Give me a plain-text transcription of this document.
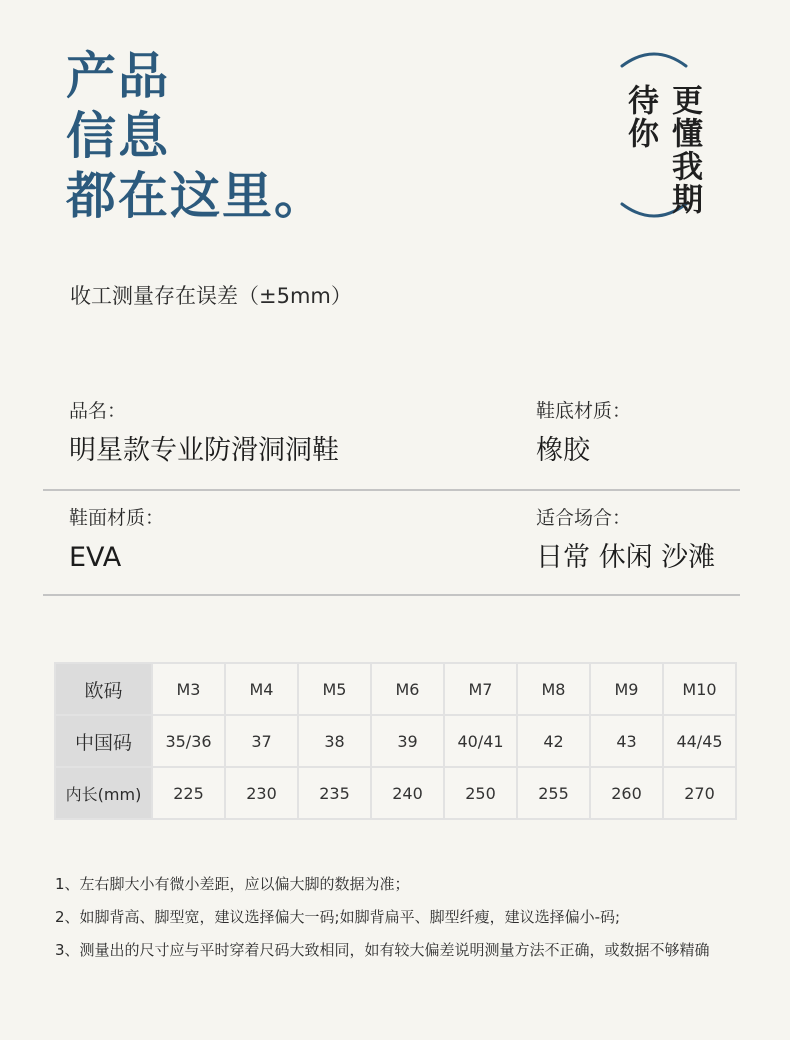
产品
信息
都在这里。	更懂我期待你
收工测量存在误差（±5mm）
品名：
明星款专业防滑洞洞鞋
鞋底材质：
橡胶
鞋面材质：
EVA
适合场合：
日常 休闲 沙滩
欧码	M3	M4	M5	M6	M7	M8	M9	M10
中国码	35/36	37	38	39	40/41	42	43	44/45
内长(mm)	225	230	235	240	250	255	260	270
1、左右脚大小有微小差距，应以偏大脚的数据为准；
2、如脚背高、脚型宽，建议选择偏大一码;如脚背扁平、脚型纤瘦，建议选择偏小-码;
3、测量出的尺寸应与平时穿着尺码大致相同，如有较大偏差说明测量方法不正确，或数据不够精确
